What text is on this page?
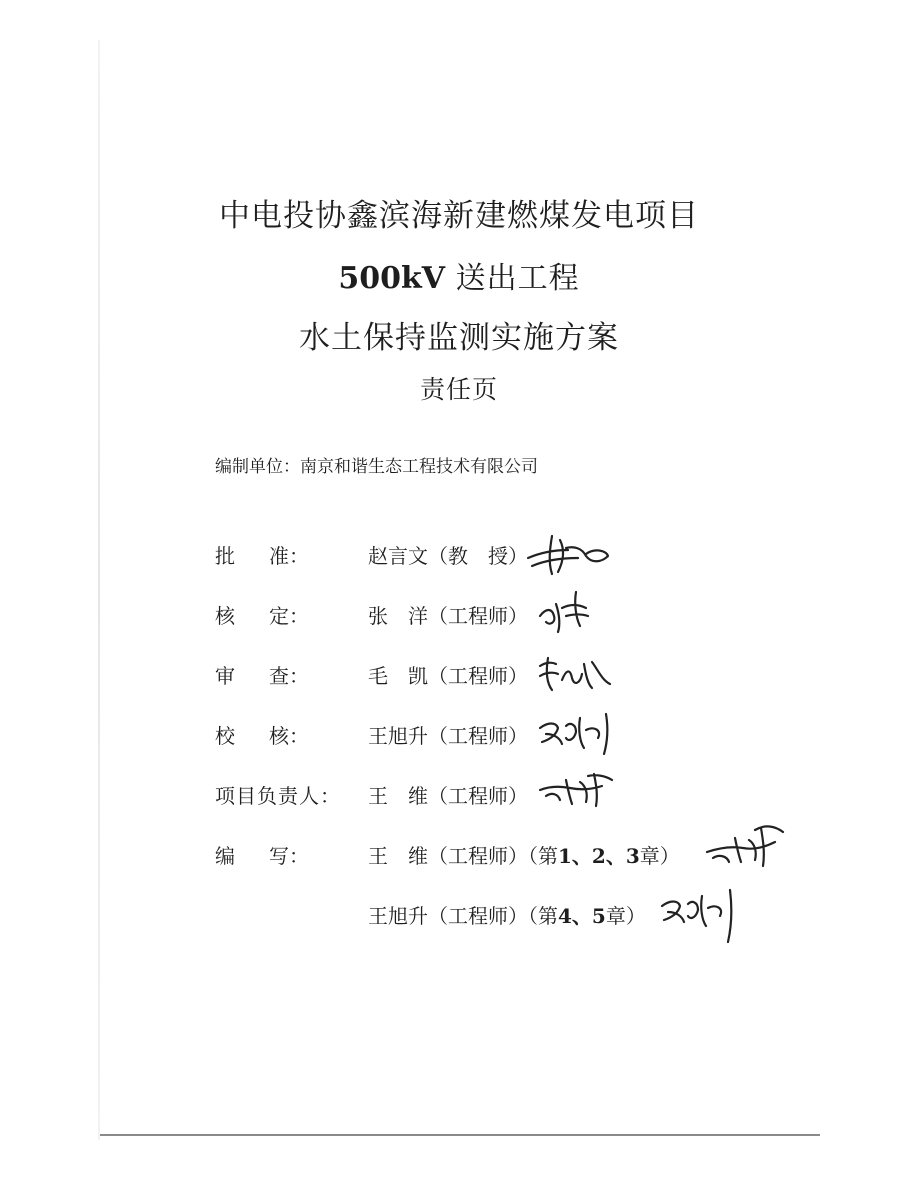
中电投协鑫滨海新建燃煤发电项目
500kV 送出工程
水土保持监测实施方案
责任页
编制单位：南京和谐生态工程技术有限公司
批 准：	赵言文（教　授）
核 定：	张　洋（工程师）
审 查：	毛　凯（工程师）
校 核：	王旭升（工程师）
项目负责人：	王　维（工程师）
编 写：	王　维（工程师）（第1、2、3章）
王旭升（工程师）（第4、5章）
